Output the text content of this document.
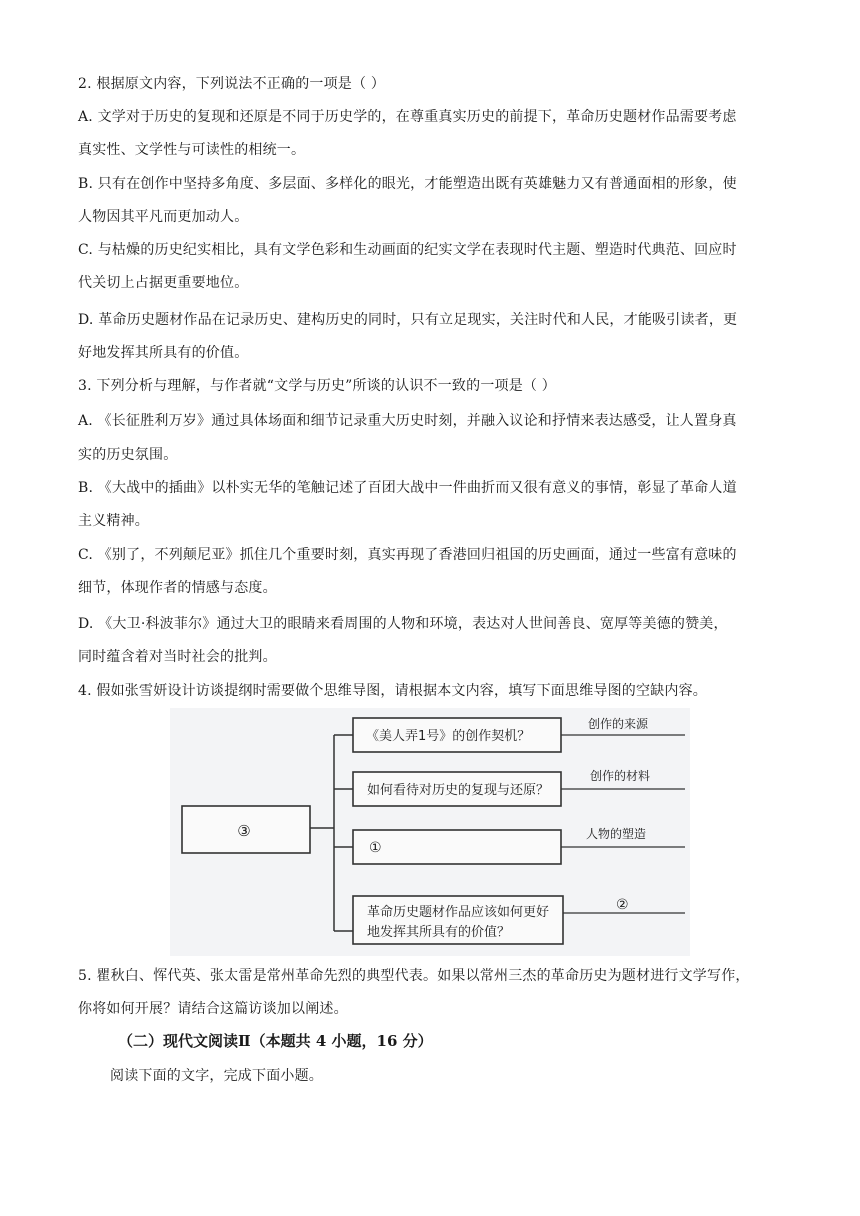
2. 根据原文内容，下列说法不正确的一项是（ ）
A. 文学对于历史的复现和还原是不同于历史学的，在尊重真实历史的前提下，革命历史题材作品需要考虑
真实性、文学性与可读性的相统一。
B. 只有在创作中坚持多角度、多层面、多样化的眼光，才能塑造出既有英雄魅力又有普通面相的形象，使
人物因其平凡而更加动人。
C. 与枯燥的历史纪实相比，具有文学色彩和生动画面的纪实文学在表现时代主题、塑造时代典范、回应时
代关切上占据更重要地位。
D. 革命历史题材作品在记录历史、建构历史的同时，只有立足现实，关注时代和人民，才能吸引读者，更
好地发挥其所具有的价值。
3. 下列分析与理解，与作者就“文学与历史”所谈的认识不一致的一项是（ ）
A. 《长征胜利万岁》通过具体场面和细节记录重大历史时刻，并融入议论和抒情来表达感受，让人置身真
实的历史氛围。
B. 《大战中的插曲》以朴实无华的笔触记述了百团大战中一件曲折而又很有意义的事情，彰显了革命人道
主义精神。
C. 《别了，不列颠尼亚》抓住几个重要时刻，真实再现了香港回归祖国的历史画面，通过一些富有意味的
细节，体现作者的情感与态度。
D. 《大卫·科波菲尔》通过大卫的眼睛来看周围的人物和环境，表达对人世间善良、宽厚等美德的赞美，
同时蕴含着对当时社会的批判。
4. 假如张雪妍设计访谈提纲时需要做个思维导图，请根据本文内容，填写下面思维导图的空缺内容。
③
《美人弄1号》的创作契机？
创作的来源
如何看待对历史的复现与还原？
创作的材料
①
人物的塑造
革命历史题材作品应该如何更好
地发挥其所具有的价值？
②
5. 瞿秋白、恽代英、张太雷是常州革命先烈的典型代表。如果以常州三杰的革命历史为题材进行文学写作，
你将如何开展？请结合这篇访谈加以阐述。
（二）现代文阅读Ⅱ（本题共 4 小题，16 分）
阅读下面的文字，完成下面小题。
